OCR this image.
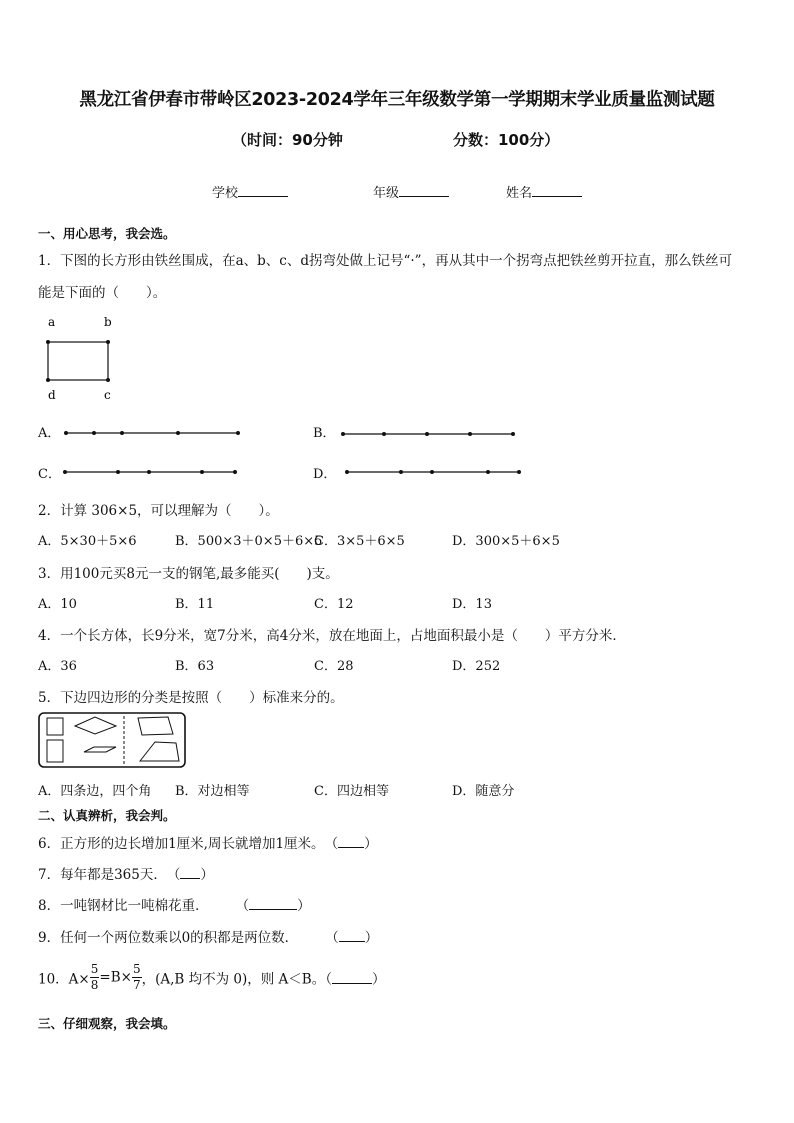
黑龙江省伊春市带岭区2023-2024学年三年级数学第一学期期末学业质量监测试题
（时间：90分钟	分数：100分）
学校	年级	姓名
一、用心思考，我会选。
1．下图的长方形由铁丝围成，在a、b、c、d拐弯处做上记号“·”，再从其中一个拐弯点把铁丝剪开拉直，那么铁丝可
能是下面的（　　）。
a	b
d	c
A．	B．
C．	D．
2．计算 306×5，可以理解为（　　）。
A．5×30＋5×6	B．500×3＋0×5＋6×5
C．3×5＋6×5	D．300×5＋6×5
3．用100元买8元一支的钢笔,最多能买(　　)支。
A．10	B．11	C．12	D．13
4．一个长方体，长9分米，宽7分米，高4分米，放在地面上，占地面积最小是（　　）平方分米．
A．36	B．63	C．28	D．252
5．下边四边形的分类是按照（　　）标准来分的。
A．四条边，四个角 B．对边相等	C．四边相等	D．随意分
二、认真辨析，我会判。
6．正方形的边长增加1厘米,周长就增加1厘米。　 （ ）
7．每年都是365天．　 （ ）
8．一吨钢材比一吨棉花重．　　　	（	）
9．任何一个两位数乘以0的积都是两位数．　　　	（ ）
10．$A\times \frac{5}{8} =B\times \frac{5}{7}$ ，(A,B 均不为 0)，则 A＜B。（	）
三、仔细观察，我会填。
